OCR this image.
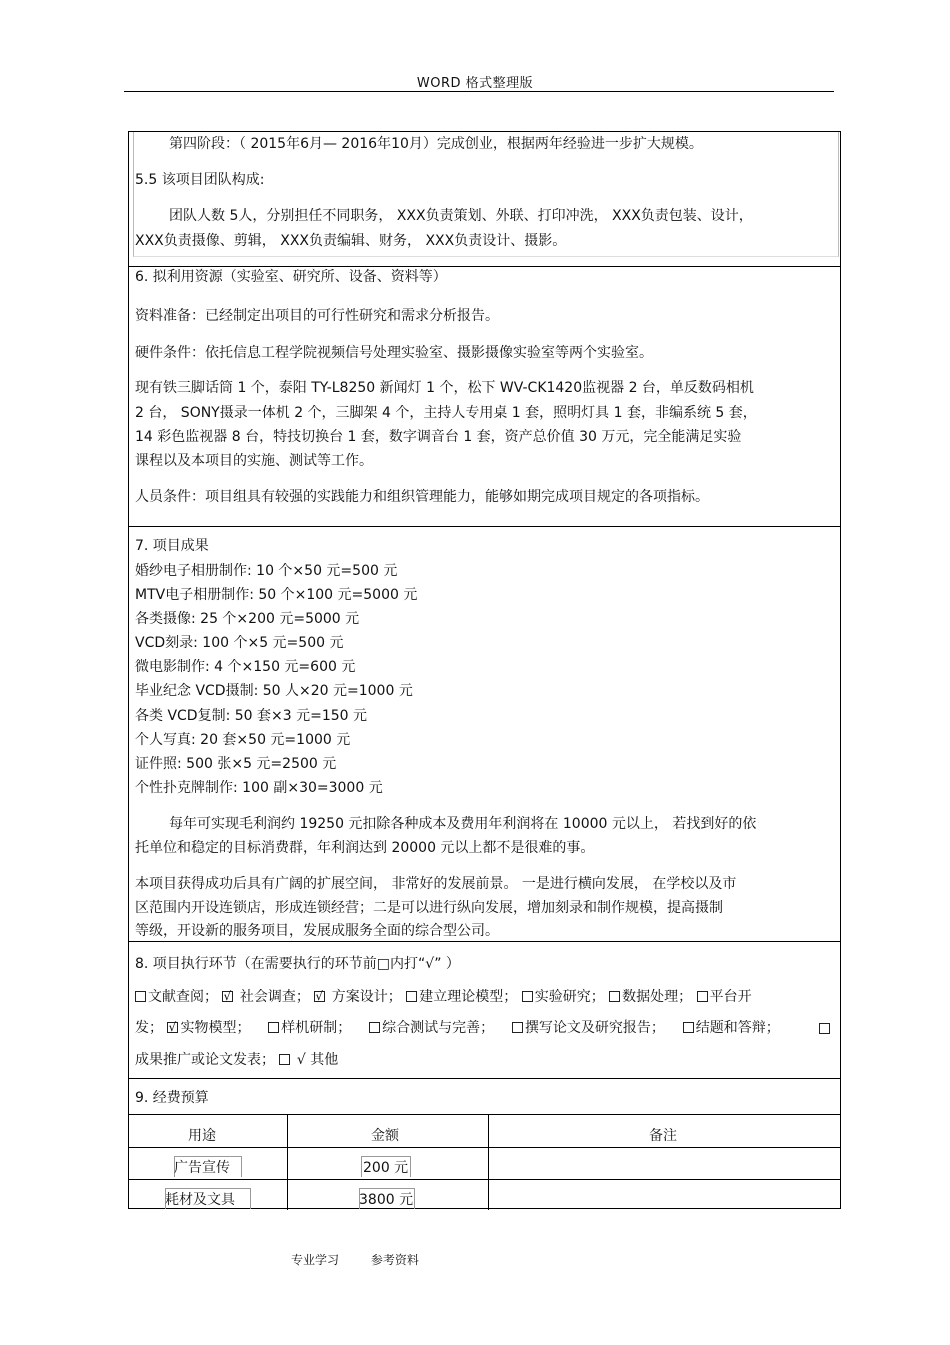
WORD 格式整理版
第四阶段：（ 2015年6月— 2016年10月）完成创业，根据两年经验进一步扩大规模。
5.5 该项目团队构成:
团队人数 5人，分别担任不同职务， XXX负责策划、外联、打印冲洗， XXX负责包装、设计，
XXX负责摄像、剪辑， XXX负责编辑、财务， XXX负责设计、摄影。
6. 拟利用资源（实验室、研究所、设备、资料等）
资料准备：已经制定出项目的可行性研究和需求分析报告。
硬件条件：依托信息工程学院视频信号处理实验室、摄影摄像实验室等两个实验室。
现有铁三脚话筒 1 个，泰阳 TY-L8250 新闻灯 1 个，松下 WV-CK1420监视器 2 台，单反数码相机
2 台， SONY摄录一体机 2 个，三脚架 4 个，主持人专用桌 1 套，照明灯具 1 套，非编系统 5 套，
14 彩色监视器 8 台，特技切换台 1 套，数字调音台 1 套，资产总价值 30 万元，完全能满足实验
课程以及本项目的实施、测试等工作。
人员条件：项目组具有较强的实践能力和组织管理能力，能够如期完成项目规定的各项指标。
7. 项目成果
婚纱电子相册制作: 10 个×50 元=500 元
MTV电子相册制作: 50 个×100 元=5000 元
各类摄像: 25 个×200 元=5000 元
VCD刻录: 100 个×5 元=500 元
微电影制作: 4 个×150 元=600 元
毕业纪念 VCD摄制: 50 人×20 元=1000 元
各类 VCD复制: 50 套×3 元=150 元
个人写真: 20 套×50 元=1000 元
证件照: 500 张×5 元=2500 元
个性扑克牌制作: 100 副×30=3000 元
每年可实现毛利润约 19250 元扣除各种成本及费用年利润将在 10000 元以上， 若找到好的依
托单位和稳定的目标消费群，年利润达到 20000 元以上都不是很难的事。
本项目获得成功后具有广阔的扩展空间， 非常好的发展前景。 一是进行横向发展， 在学校以及市
区范围内开设连锁店，形成连锁经营；二是可以进行纵向发展，增加刻录和制作规模，提高摄制
等级，开设新的服务项目，发展成服务全面的综合型公司。
8. 项目执行环节（在需要执行的环节前□内打“√” ）
文献查阅； √ 社会调查； √ 方案设计； 建立理论模型； 实验研究； 数据处理； 平台开
发； √ 实物模型； 样机研制； 综合测试与完善； 撰写论文及研究报告； 结题和答辩；
成果推广或论文发表；  √ 其他
9. 经费预算
用途	金额	备注
广告宣传	200 元
耗材及文具	3800 元
专业学习	参考资料
